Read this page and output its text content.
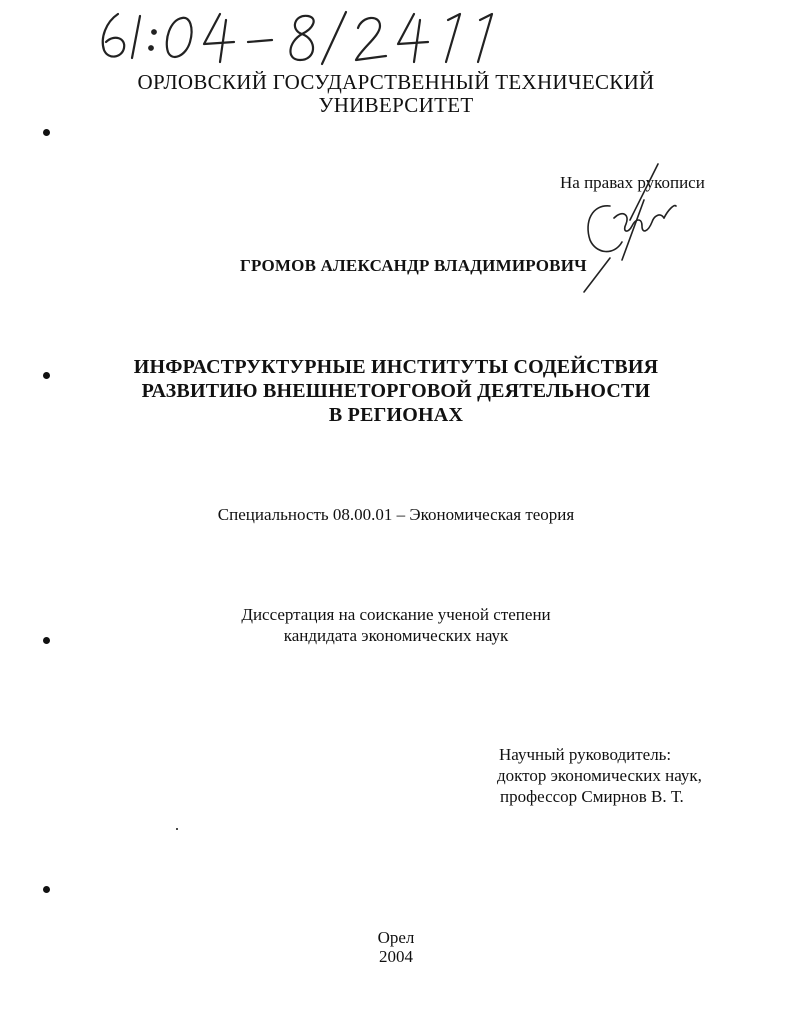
ОРЛОВСКИЙ ГОСУДАРСТВЕННЫЙ ТЕХНИЧЕСКИЙ
УНИВЕРСИТЕТ
На правах рукописи
ГРОМОВ АЛЕКСАНДР ВЛАДИМИРОВИЧ
ИНФРАСТРУКТУРНЫЕ ИНСТИТУТЫ СОДЕЙСТВИЯ
РАЗВИТИЮ ВНЕШНЕТОРГОВОЙ ДЕЯТЕЛЬНОСТИ
В РЕГИОНАХ
Специальность 08.00.01 – Экономическая теория
Диссертация на соискание ученой степени
кандидата экономических наук
Научный руководитель:
доктор экономических наук,
профессор Смирнов В. Т.
Орел
2004
